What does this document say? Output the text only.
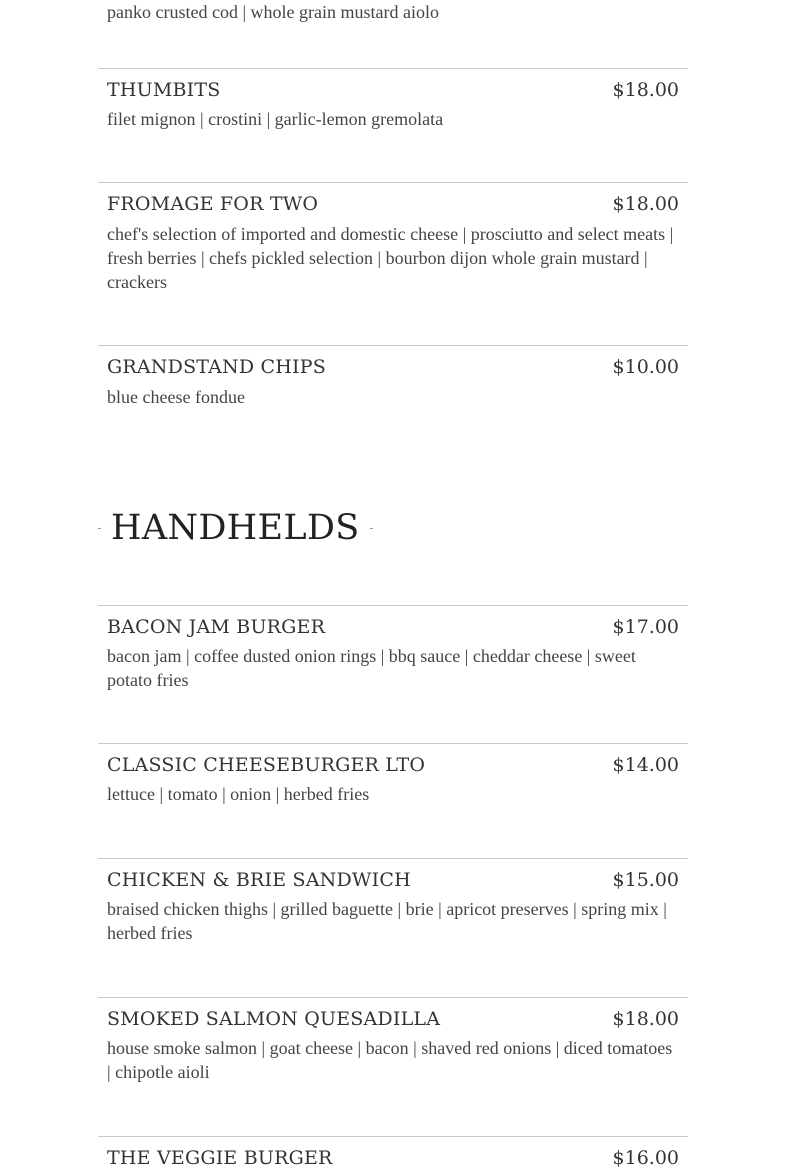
panko crusted cod | whole grain mustard aiolo
THUMBITS	$18.00

filet mignon | crostini | garlic-lemon gremolata

FROMAGE FOR TWO	$18.00

chef's selection of imported and domestic cheese | prosciutto and select meats | fresh berries | chefs pickled selection | bourbon dijon whole grain mustard | crackers

GRANDSTAND CHIPS	$10.00

blue cheese fondue

HANDHELDS
BACON JAM BURGER	$17.00

bacon jam | coffee dusted onion rings | bbq sauce | cheddar cheese | sweet potato fries

CLASSIC CHEESEBURGER LTO	$14.00

lettuce | tomato | onion | herbed fries

CHICKEN & BRIE SANDWICH	$15.00

braised chicken thighs | grilled baguette | brie | apricot preserves | spring mix | herbed fries

SMOKED SALMON QUESADILLA	$18.00

house smoke salmon | goat cheese | bacon | shaved red onions | diced tomatoes | chipotle aioli

THE VEGGIE BURGER	$16.00
